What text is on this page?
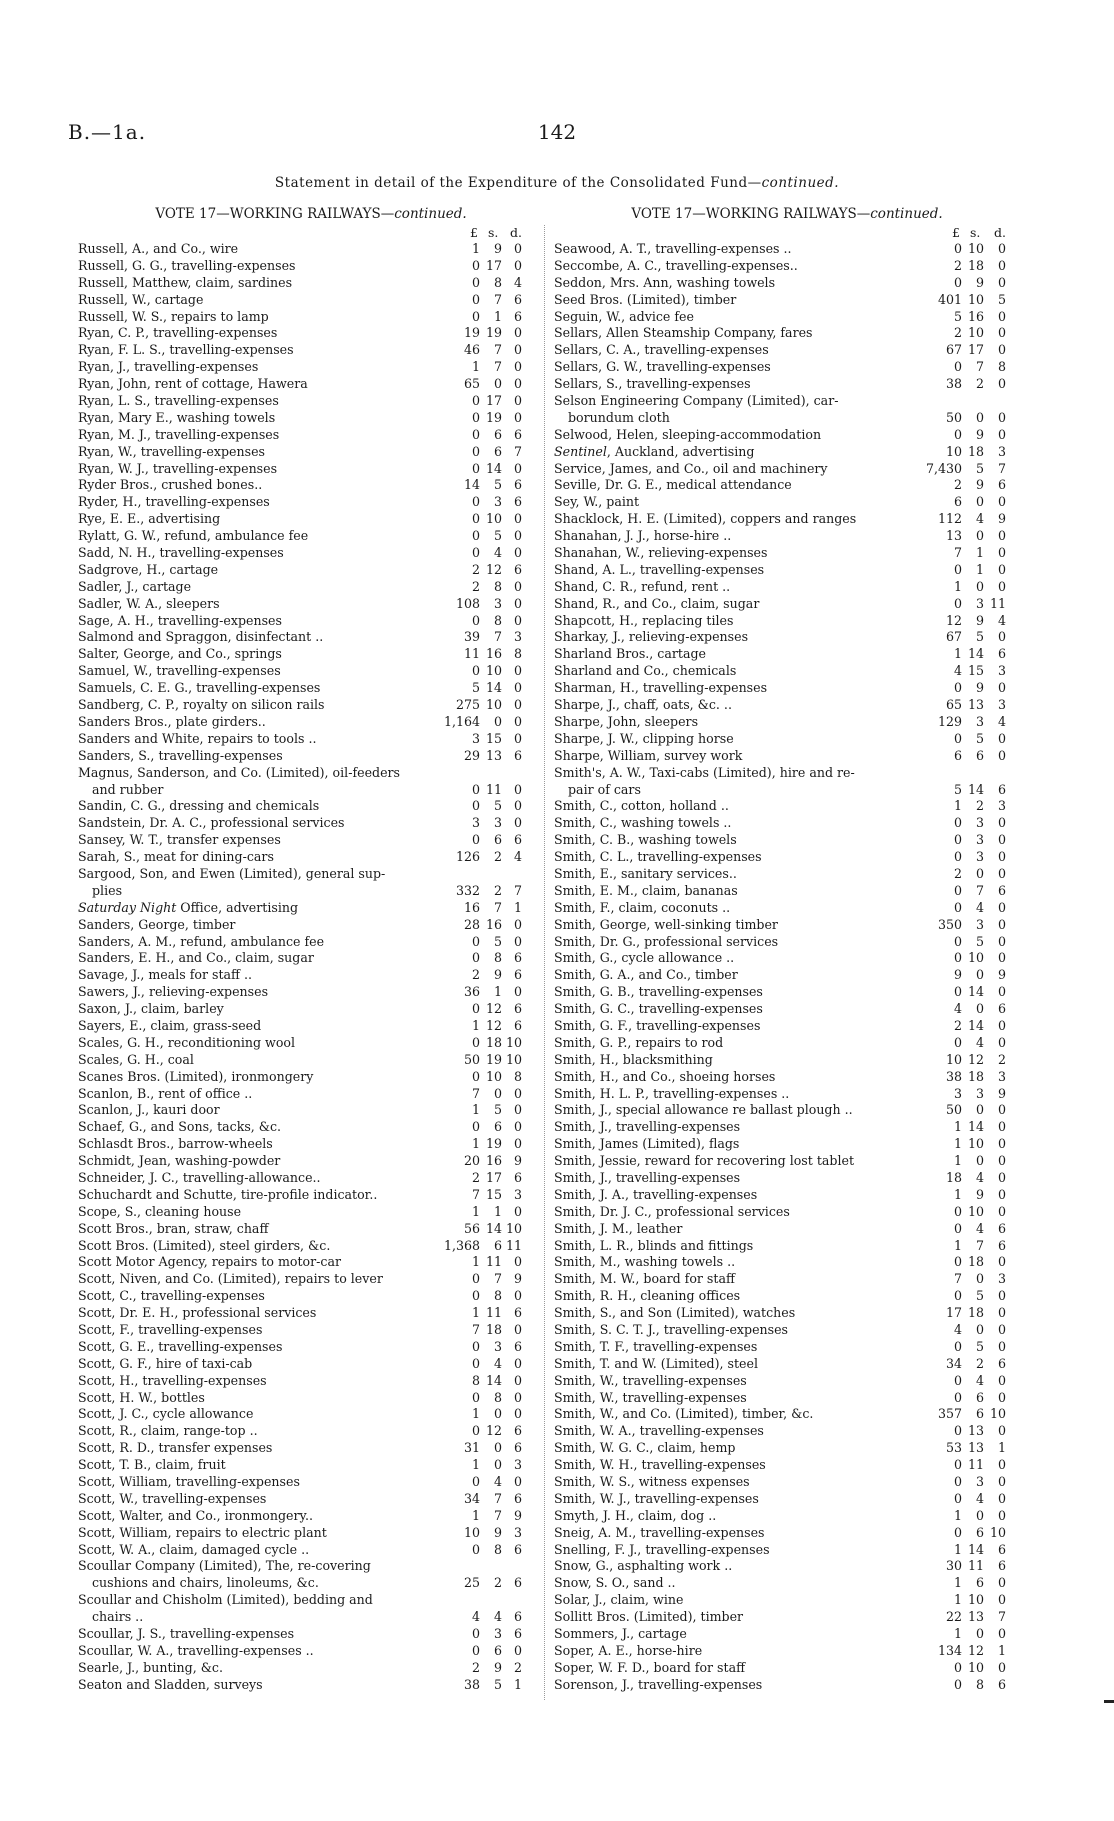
B.—1a.	142
Statement in detail of the Expenditure of the Consolidated Fund—continued.
VOTE 17—WORKING RAILWAYS—continued.
£ s. d.
Russell, A., and Co., wire	1	9 0
Russell, G. G., travelling-expenses	0 17 0
Russell, Matthew, claim, sardines	0	8 4
Russell, W., cartage	0	7 6
Russell, W. S., repairs to lamp	0	1 6
Ryan, C. P., travelling-expenses	19 19 0
Ryan, F. L. S., travelling-expenses	46	7 0
Ryan, J., travelling-expenses	1	7 0
Ryan, John, rent of cottage, Hawera	65	0 0
Ryan, L. S., travelling-expenses	0 17 0
Ryan, Mary E., washing towels	0 19 0
Ryan, M. J., travelling-expenses	0	6 6
Ryan, W., travelling-expenses	0	6 7
Ryan, W. J., travelling-expenses	0 14 0
Ryder Bros., crushed bones..	14	5 6
Ryder, H., travelling-expenses	0	3 6
Rye, E. E., advertising	0 10 0
Rylatt, G. W., refund, ambulance fee	0	5 0
Sadd, N. H., travelling-expenses	0	4 0
Sadgrove, H., cartage	2 12 6
Sadler, J., cartage	2	8 0
Sadler, W. A., sleepers	108	3 0
Sage, A. H., travelling-expenses	0	8 0
Salmond and Spraggon, disinfectant ..	39	7 3
Salter, George, and Co., springs	11 16 8
Samuel, W., travelling-expenses	0 10 0
Samuels, C. E. G., travelling-expenses	5 14 0
Sandberg, C. P., royalty on silicon rails	275 10 0
Sanders Bros., plate girders..	1,164	0 0
Sanders and White, repairs to tools ..	3 15 0
Sanders, S., travelling-expenses	29 13 6
Magnus, Sanderson, and Co. (Limited), oil-feeders
and rubber	0 11 0
Sandin, C. G., dressing and chemicals	0	5 0
Sandstein, Dr. A. C., professional services	3	3 0
Sansey, W. T., transfer expenses	0	6 6
Sarah, S., meat for dining-cars	126	2 4
Sargood, Son, and Ewen (Limited), general sup-
plies	332	2 7
Saturday Night Office, advertising	16	7 1
Sanders, George, timber	28 16 0
Sanders, A. M., refund, ambulance fee	0	5 0
Sanders, E. H., and Co., claim, sugar	0	8 6
Savage, J., meals for staff ..	2	9 6
Sawers, J., relieving-expenses	36	1 0
Saxon, J., claim, barley	0 12 6
Sayers, E., claim, grass-seed	1 12 6
Scales, G. H., reconditioning wool	0 18 10
Scales, G. H., coal	50 19 10
Scanes Bros. (Limited), ironmongery	0 10 8
Scanlon, B., rent of office ..	7	0 0
Scanlon, J., kauri door	1	5 0
Schaef, G., and Sons, tacks, &c.	0	6 0
Schlasdt Bros., barrow-wheels	1 19 0
Schmidt, Jean, washing-powder	20 16 9
Schneider, J. C., travelling-allowance..	2 17 6
Schuchardt and Schutte, tire-profile indicator..	7 15 3
Scope, S., cleaning house	1	1 0
Scott Bros., bran, straw, chaff	56 14 10
Scott Bros. (Limited), steel girders, &c.	1,368	6 11
Scott Motor Agency, repairs to motor-car	1 11 0
Scott, Niven, and Co. (Limited), repairs to lever	0	7 9
Scott, C., travelling-expenses	0	8 0
Scott, Dr. E. H., professional services	1 11 6
Scott, F., travelling-expenses	7 18 0
Scott, G. E., travelling-expenses	0	3 6
Scott, G. F., hire of taxi-cab	0	4 0
Scott, H., travelling-expenses	8 14 0
Scott, H. W., bottles	0	8 0
Scott, J. C., cycle allowance	1	0 0
Scott, R., claim, range-top ..	0 12 6
Scott, R. D., transfer expenses	31	0 6
Scott, T. B., claim, fruit	1	0 3
Scott, William, travelling-expenses	0	4 0
Scott, W., travelling-expenses	34	7 6
Scott, Walter, and Co., ironmongery..	1	7 9
Scott, William, repairs to electric plant	10	9 3
Scott, W. A., claim, damaged cycle ..	0	8 6
Scoullar Company (Limited), The, re-covering
cushions and chairs, linoleums, &c.	25	2 6
Scoullar and Chisholm (Limited), bedding and
chairs ..	4	4 6
Scoullar, J. S., travelling-expenses	0	3 6
Scoullar, W. A., travelling-expenses ..	0	6 0
Searle, J., bunting, &c.	2	9 2
Seaton and Sladden, surveys	38	5 1
VOTE 17—WORKING RAILWAYS—continued.
£ s. d.
Seawood, A. T., travelling-expenses ..	0 10	0
Seccombe, A. C., travelling-expenses..	2 18	0
Seddon, Mrs. Ann, washing towels	0	9	0
Seed Bros. (Limited), timber	401 10	5
Seguin, W., advice fee	5 16	0
Sellars, Allen Steamship Company, fares	2 10	0
Sellars, C. A., travelling-expenses	67 17	0
Sellars, G. W., travelling-expenses	0	7	8
Sellars, S., travelling-expenses	38	2	0
Selson Engineering Company (Limited), car-
borundum cloth	50	0	0
Selwood, Helen, sleeping-accommodation	0	9	0
Sentinel, Auckland, advertising	10 18	3
Service, James, and Co., oil and machinery	7,430	5	7
Seville, Dr. G. E., medical attendance	2	9	6
Sey, W., paint	6	0	0
Shacklock, H. E. (Limited), coppers and ranges	112	4	9
Shanahan, J. J., horse-hire ..	13	0	0
Shanahan, W., relieving-expenses	7	1	0
Shand, A. L., travelling-expenses	0	1	0
Shand, C. R., refund, rent ..	1	0	0
Shand, R., and Co., claim, sugar	0	3 11
Shapcott, H., replacing tiles	12	9	4
Sharkay, J., relieving-expenses	67	5	0
Sharland Bros., cartage	1 14	6
Sharland and Co., chemicals	4 15	3
Sharman, H., travelling-expenses	0	9	0
Sharpe, J., chaff, oats, &c. ..	65 13	3
Sharpe, John, sleepers	129	3	4
Sharpe, J. W., clipping horse	0	5	0
Sharpe, William, survey work	6	6	0
Smith's, A. W., Taxi-cabs (Limited), hire and re-
pair of cars	5 14	6
Smith, C., cotton, holland ..	1	2	3
Smith, C., washing towels ..	0	3	0
Smith, C. B., washing towels	0	3	0
Smith, C. L., travelling-expenses	0	3	0
Smith, E., sanitary services..	2	0	0
Smith, E. M., claim, bananas	0	7	6
Smith, F., claim, coconuts ..	0	4	0
Smith, George, well-sinking timber	350	3	0
Smith, Dr. G., professional services	0	5	0
Smith, G., cycle allowance ..	0 10	0
Smith, G. A., and Co., timber	9	0	9
Smith, G. B., travelling-expenses	0 14	0
Smith, G. C., travelling-expenses	4	0	6
Smith, G. F., travelling-expenses	2 14	0
Smith, G. P., repairs to rod	0	4	0
Smith, H., blacksmithing	10 12	2
Smith, H., and Co., shoeing horses	38 18	3
Smith, H. L. P., travelling-expenses ..	3	3	9
Smith, J., special allowance re ballast plough ..	50	0	0
Smith, J., travelling-expenses	1 14	0
Smith, James (Limited), flags	1 10	0
Smith, Jessie, reward for recovering lost tablet	1	0	0
Smith, J., travelling-expenses	18	4	0
Smith, J. A., travelling-expenses	1	9	0
Smith, Dr. J. C., professional services	0 10	0
Smith, J. M., leather	0	4	6
Smith, L. R., blinds and fittings	1	7	6
Smith, M., washing towels ..	0 18	0
Smith, M. W., board for staff	7	0	3
Smith, R. H., cleaning offices	0	5	0
Smith, S., and Son (Limited), watches	17 18	0
Smith, S. C. T. J., travelling-expenses	4	0	0
Smith, T. F., travelling-expenses	0	5	0
Smith, T. and W. (Limited), steel	34	2	6
Smith, W., travelling-expenses	0	4	0
Smith, W., travelling-expenses	0	6	0
Smith, W., and Co. (Limited), timber, &c.	357	6 10
Smith, W. A., travelling-expenses	0 13	0
Smith, W. G. C., claim, hemp	53 13	1
Smith, W. H., travelling-expenses	0 11	0
Smith, W. S., witness expenses	0	3	0
Smith, W. J., travelling-expenses	0	4	0
Smyth, J. H., claim, dog ..	1	0	0
Sneig, A. M., travelling-expenses	0	6 10
Snelling, F. J., travelling-expenses	1 14	6
Snow, G., asphalting work ..	30 11	6
Snow, S. O., sand ..	1	6	0
Solar, J., claim, wine	1 10	0
Sollitt Bros. (Limited), timber	22 13	7
Sommers, J., cartage	1	0	0
Soper, A. E., horse-hire	134 12	1
Soper, W. F. D., board for staff	0 10	0
Sorenson, J., travelling-expenses	0	8	6
